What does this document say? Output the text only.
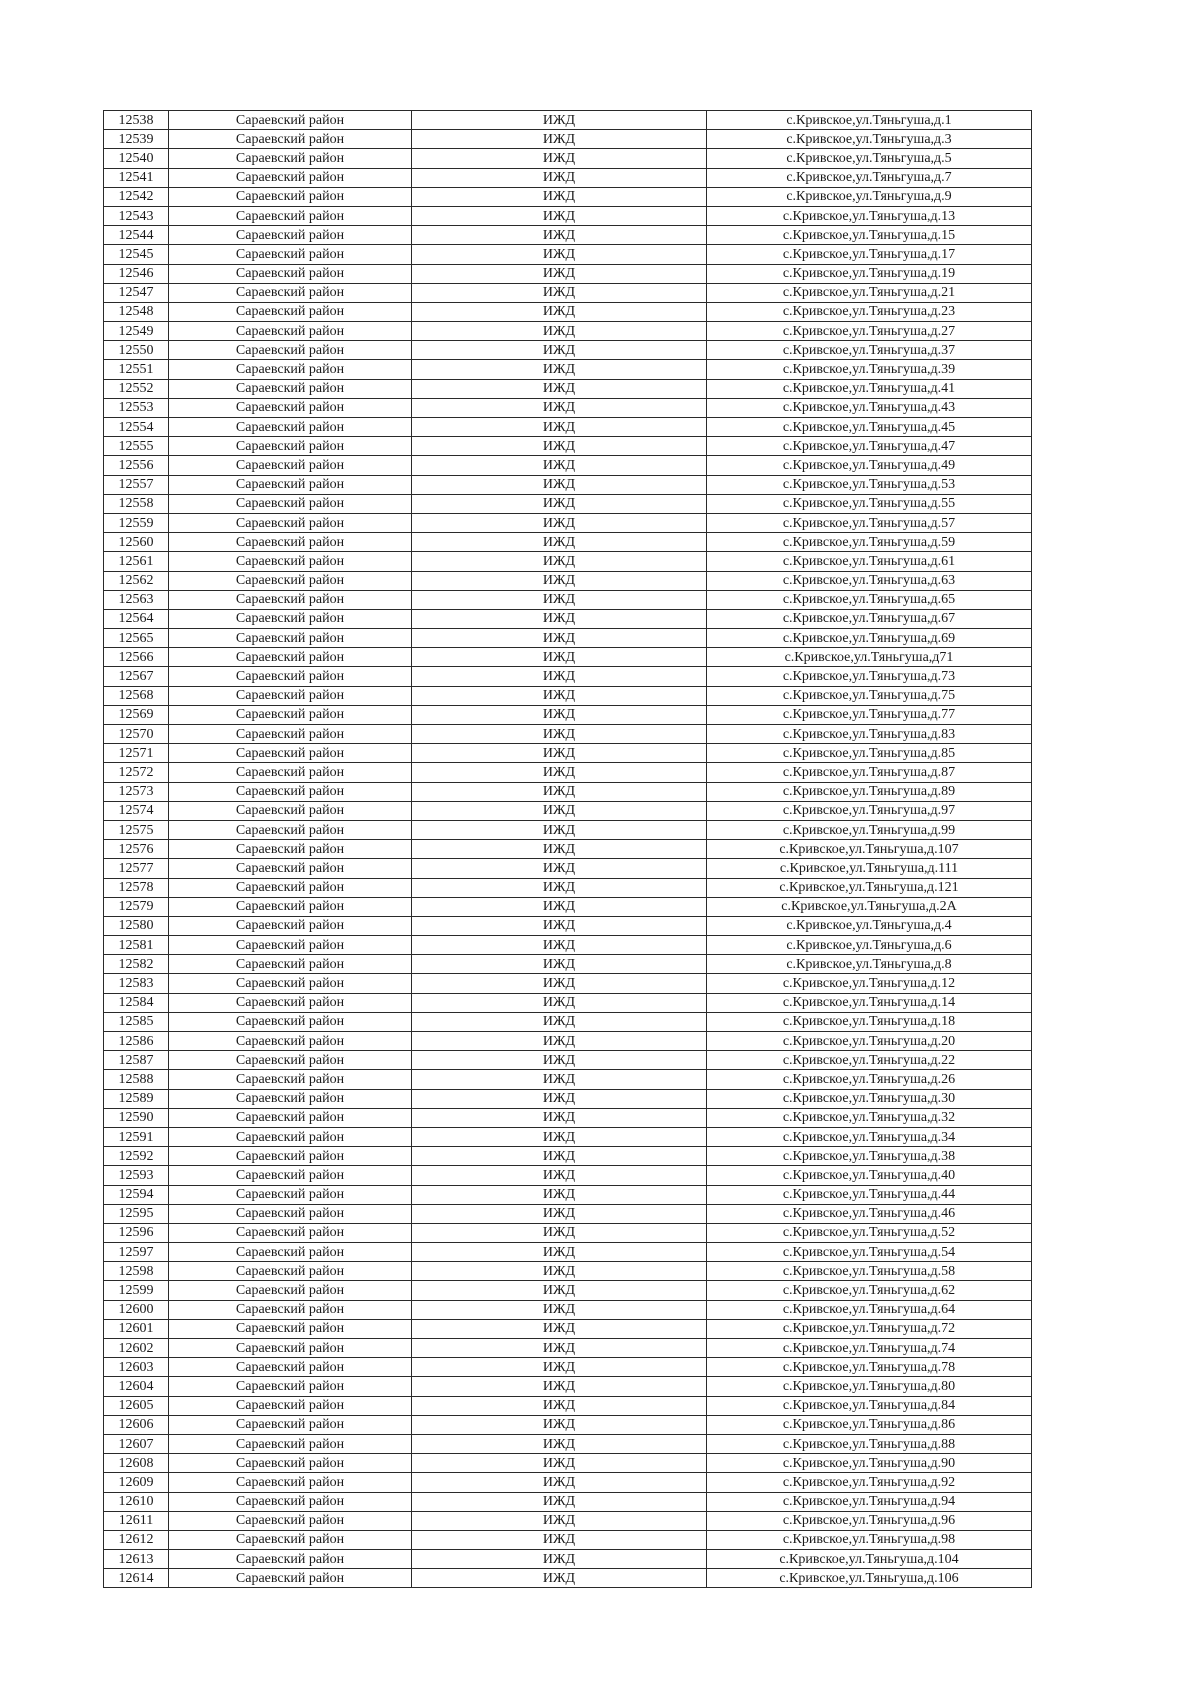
12538	Сараевский район	ИЖД	с.Кривское,ул.Тяньгуша,д.1
12539	Сараевский район	ИЖД	с.Кривское,ул.Тяньгуша,д.3
12540	Сараевский район	ИЖД	с.Кривское,ул.Тяньгуша,д.5
12541	Сараевский район	ИЖД	с.Кривское,ул.Тяньгуша,д.7
12542	Сараевский район	ИЖД	с.Кривское,ул.Тяньгуша,д.9
12543	Сараевский район	ИЖД	с.Кривское,ул.Тяньгуша,д.13
12544	Сараевский район	ИЖД	с.Кривское,ул.Тяньгуша,д.15
12545	Сараевский район	ИЖД	с.Кривское,ул.Тяньгуша,д.17
12546	Сараевский район	ИЖД	с.Кривское,ул.Тяньгуша,д.19
12547	Сараевский район	ИЖД	с.Кривское,ул.Тяньгуша,д.21
12548	Сараевский район	ИЖД	с.Кривское,ул.Тяньгуша,д.23
12549	Сараевский район	ИЖД	с.Кривское,ул.Тяньгуша,д.27
12550	Сараевский район	ИЖД	с.Кривское,ул.Тяньгуша,д.37
12551	Сараевский район	ИЖД	с.Кривское,ул.Тяньгуша,д.39
12552	Сараевский район	ИЖД	с.Кривское,ул.Тяньгуша,д.41
12553	Сараевский район	ИЖД	с.Кривское,ул.Тяньгуша,д.43
12554	Сараевский район	ИЖД	с.Кривское,ул.Тяньгуша,д.45
12555	Сараевский район	ИЖД	с.Кривское,ул.Тяньгуша,д.47
12556	Сараевский район	ИЖД	с.Кривское,ул.Тяньгуша,д.49
12557	Сараевский район	ИЖД	с.Кривское,ул.Тяньгуша,д.53
12558	Сараевский район	ИЖД	с.Кривское,ул.Тяньгуша,д.55
12559	Сараевский район	ИЖД	с.Кривское,ул.Тяньгуша,д.57
12560	Сараевский район	ИЖД	с.Кривское,ул.Тяньгуша,д.59
12561	Сараевский район	ИЖД	с.Кривское,ул.Тяньгуша,д.61
12562	Сараевский район	ИЖД	с.Кривское,ул.Тяньгуша,д.63
12563	Сараевский район	ИЖД	с.Кривское,ул.Тяньгуша,д.65
12564	Сараевский район	ИЖД	с.Кривское,ул.Тяньгуша,д.67
12565	Сараевский район	ИЖД	с.Кривское,ул.Тяньгуша,д.69
12566	Сараевский район	ИЖД	с.Кривское,ул.Тяньгуша,д71
12567	Сараевский район	ИЖД	с.Кривское,ул.Тяньгуша,д.73
12568	Сараевский район	ИЖД	с.Кривское,ул.Тяньгуша,д.75
12569	Сараевский район	ИЖД	с.Кривское,ул.Тяньгуша,д.77
12570	Сараевский район	ИЖД	с.Кривское,ул.Тяньгуша,д.83
12571	Сараевский район	ИЖД	с.Кривское,ул.Тяньгуша,д.85
12572	Сараевский район	ИЖД	с.Кривское,ул.Тяньгуша,д.87
12573	Сараевский район	ИЖД	с.Кривское,ул.Тяньгуша,д.89
12574	Сараевский район	ИЖД	с.Кривское,ул.Тяньгуша,д.97
12575	Сараевский район	ИЖД	с.Кривское,ул.Тяньгуша,д.99
12576	Сараевский район	ИЖД	с.Кривское,ул.Тяньгуша,д.107
12577	Сараевский район	ИЖД	с.Кривское,ул.Тяньгуша,д.111
12578	Сараевский район	ИЖД	с.Кривское,ул.Тяньгуша,д.121
12579	Сараевский район	ИЖД	с.Кривское,ул.Тяньгуша,д.2А
12580	Сараевский район	ИЖД	с.Кривское,ул.Тяньгуша,д.4
12581	Сараевский район	ИЖД	с.Кривское,ул.Тяньгуша,д.6
12582	Сараевский район	ИЖД	с.Кривское,ул.Тяньгуша,д.8
12583	Сараевский район	ИЖД	с.Кривское,ул.Тяньгуша,д.12
12584	Сараевский район	ИЖД	с.Кривское,ул.Тяньгуша,д.14
12585	Сараевский район	ИЖД	с.Кривское,ул.Тяньгуша,д.18
12586	Сараевский район	ИЖД	с.Кривское,ул.Тяньгуша,д.20
12587	Сараевский район	ИЖД	с.Кривское,ул.Тяньгуша,д.22
12588	Сараевский район	ИЖД	с.Кривское,ул.Тяньгуша,д.26
12589	Сараевский район	ИЖД	с.Кривское,ул.Тяньгуша,д.30
12590	Сараевский район	ИЖД	с.Кривское,ул.Тяньгуша,д.32
12591	Сараевский район	ИЖД	с.Кривское,ул.Тяньгуша,д.34
12592	Сараевский район	ИЖД	с.Кривское,ул.Тяньгуша,д.38
12593	Сараевский район	ИЖД	с.Кривское,ул.Тяньгуша,д.40
12594	Сараевский район	ИЖД	с.Кривское,ул.Тяньгуша,д.44
12595	Сараевский район	ИЖД	с.Кривское,ул.Тяньгуша,д.46
12596	Сараевский район	ИЖД	с.Кривское,ул.Тяньгуша,д.52
12597	Сараевский район	ИЖД	с.Кривское,ул.Тяньгуша,д.54
12598	Сараевский район	ИЖД	с.Кривское,ул.Тяньгуша,д.58
12599	Сараевский район	ИЖД	с.Кривское,ул.Тяньгуша,д.62
12600	Сараевский район	ИЖД	с.Кривское,ул.Тяньгуша,д.64
12601	Сараевский район	ИЖД	с.Кривское,ул.Тяньгуша,д.72
12602	Сараевский район	ИЖД	с.Кривское,ул.Тяньгуша,д.74
12603	Сараевский район	ИЖД	с.Кривское,ул.Тяньгуша,д.78
12604	Сараевский район	ИЖД	с.Кривское,ул.Тяньгуша,д.80
12605	Сараевский район	ИЖД	с.Кривское,ул.Тяньгуша,д.84
12606	Сараевский район	ИЖД	с.Кривское,ул.Тяньгуша,д.86
12607	Сараевский район	ИЖД	с.Кривское,ул.Тяньгуша,д.88
12608	Сараевский район	ИЖД	с.Кривское,ул.Тяньгуша,д.90
12609	Сараевский район	ИЖД	с.Кривское,ул.Тяньгуша,д.92
12610	Сараевский район	ИЖД	с.Кривское,ул.Тяньгуша,д.94
12611	Сараевский район	ИЖД	с.Кривское,ул.Тяньгуша,д.96
12612	Сараевский район	ИЖД	с.Кривское,ул.Тяньгуша,д.98
12613	Сараевский район	ИЖД	с.Кривское,ул.Тяньгуша,д.104
12614	Сараевский район	ИЖД	с.Кривское,ул.Тяньгуша,д.106
